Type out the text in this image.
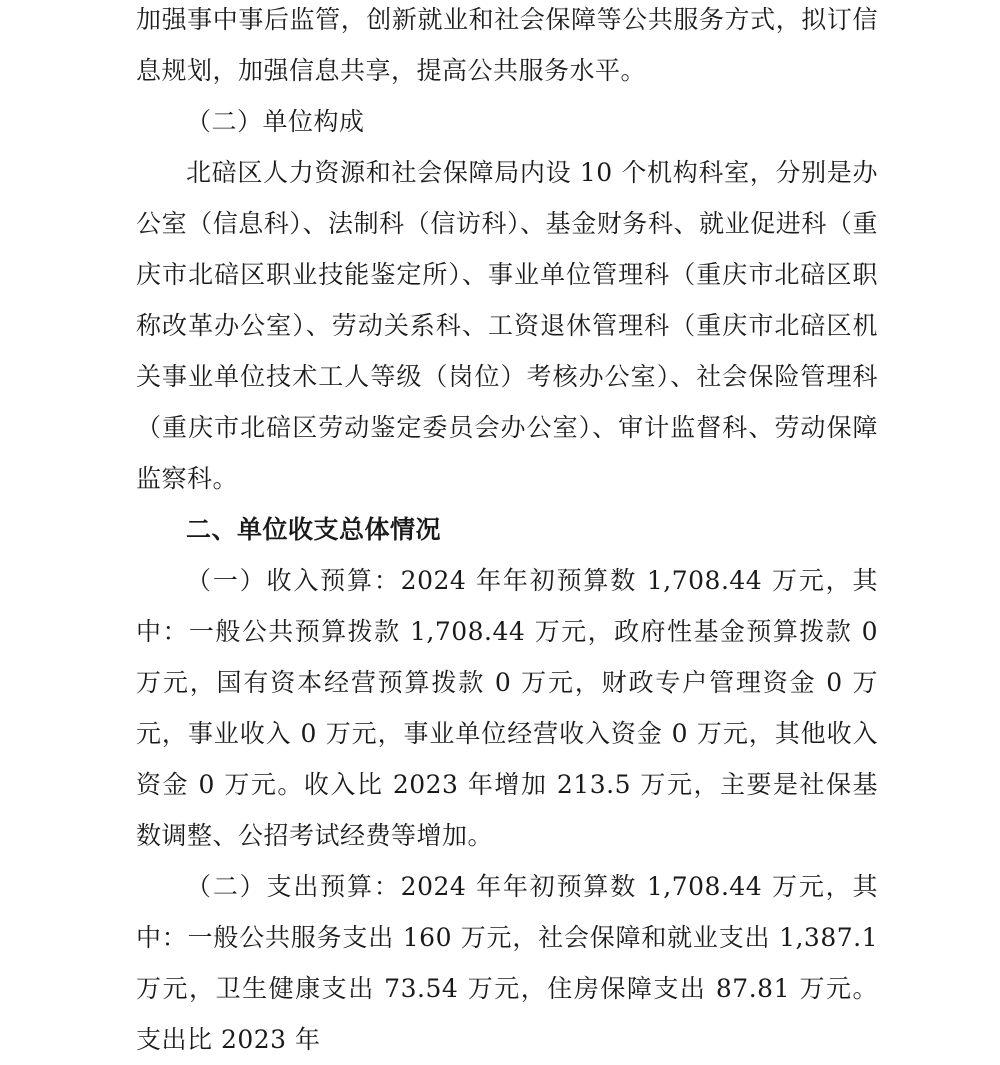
加强事中事后监管，创新就业和社会保障等公共服务方式，拟订信息规划，加强信息共享，提高公共服务水平。

（二）单位构成

北碚区人力资源和社会保障局内设 10 个机构科室，分别是办公室（信息科）、法制科（信访科）、基金财务科、就业促进科（重庆市北碚区职业技能鉴定所）、事业单位管理科（重庆市北碚区职称改革办公室）、劳动关系科、工资退休管理科（重庆市北碚区机关事业单位技术工人等级（岗位）考核办公室）、社会保险管理科（重庆市北碚区劳动鉴定委员会办公室）、审计监督科、劳动保障监察科。

二、单位收支总体情况

（一）收入预算：2024 年年初预算数 1,708.44 万元，其中：一般公共预算拨款 1,708.44 万元，政府性基金预算拨款 0 万元，国有资本经营预算拨款 0 万元，财政专户管理资金 0 万元，事业收入 0 万元，事业单位经营收入资金 0 万元，其他收入资金 0 万元。收入比 2023 年增加 213.5 万元，主要是社保基数调整、公招考试经费等增加。

（二）支出预算：2024 年年初预算数 1,708.44 万元，其中：一般公共服务支出 160 万元，社会保障和就业支出 1,387.1 万元，卫生健康支出 73.54 万元，住房保障支出 87.81 万元。支出比 2023 年
